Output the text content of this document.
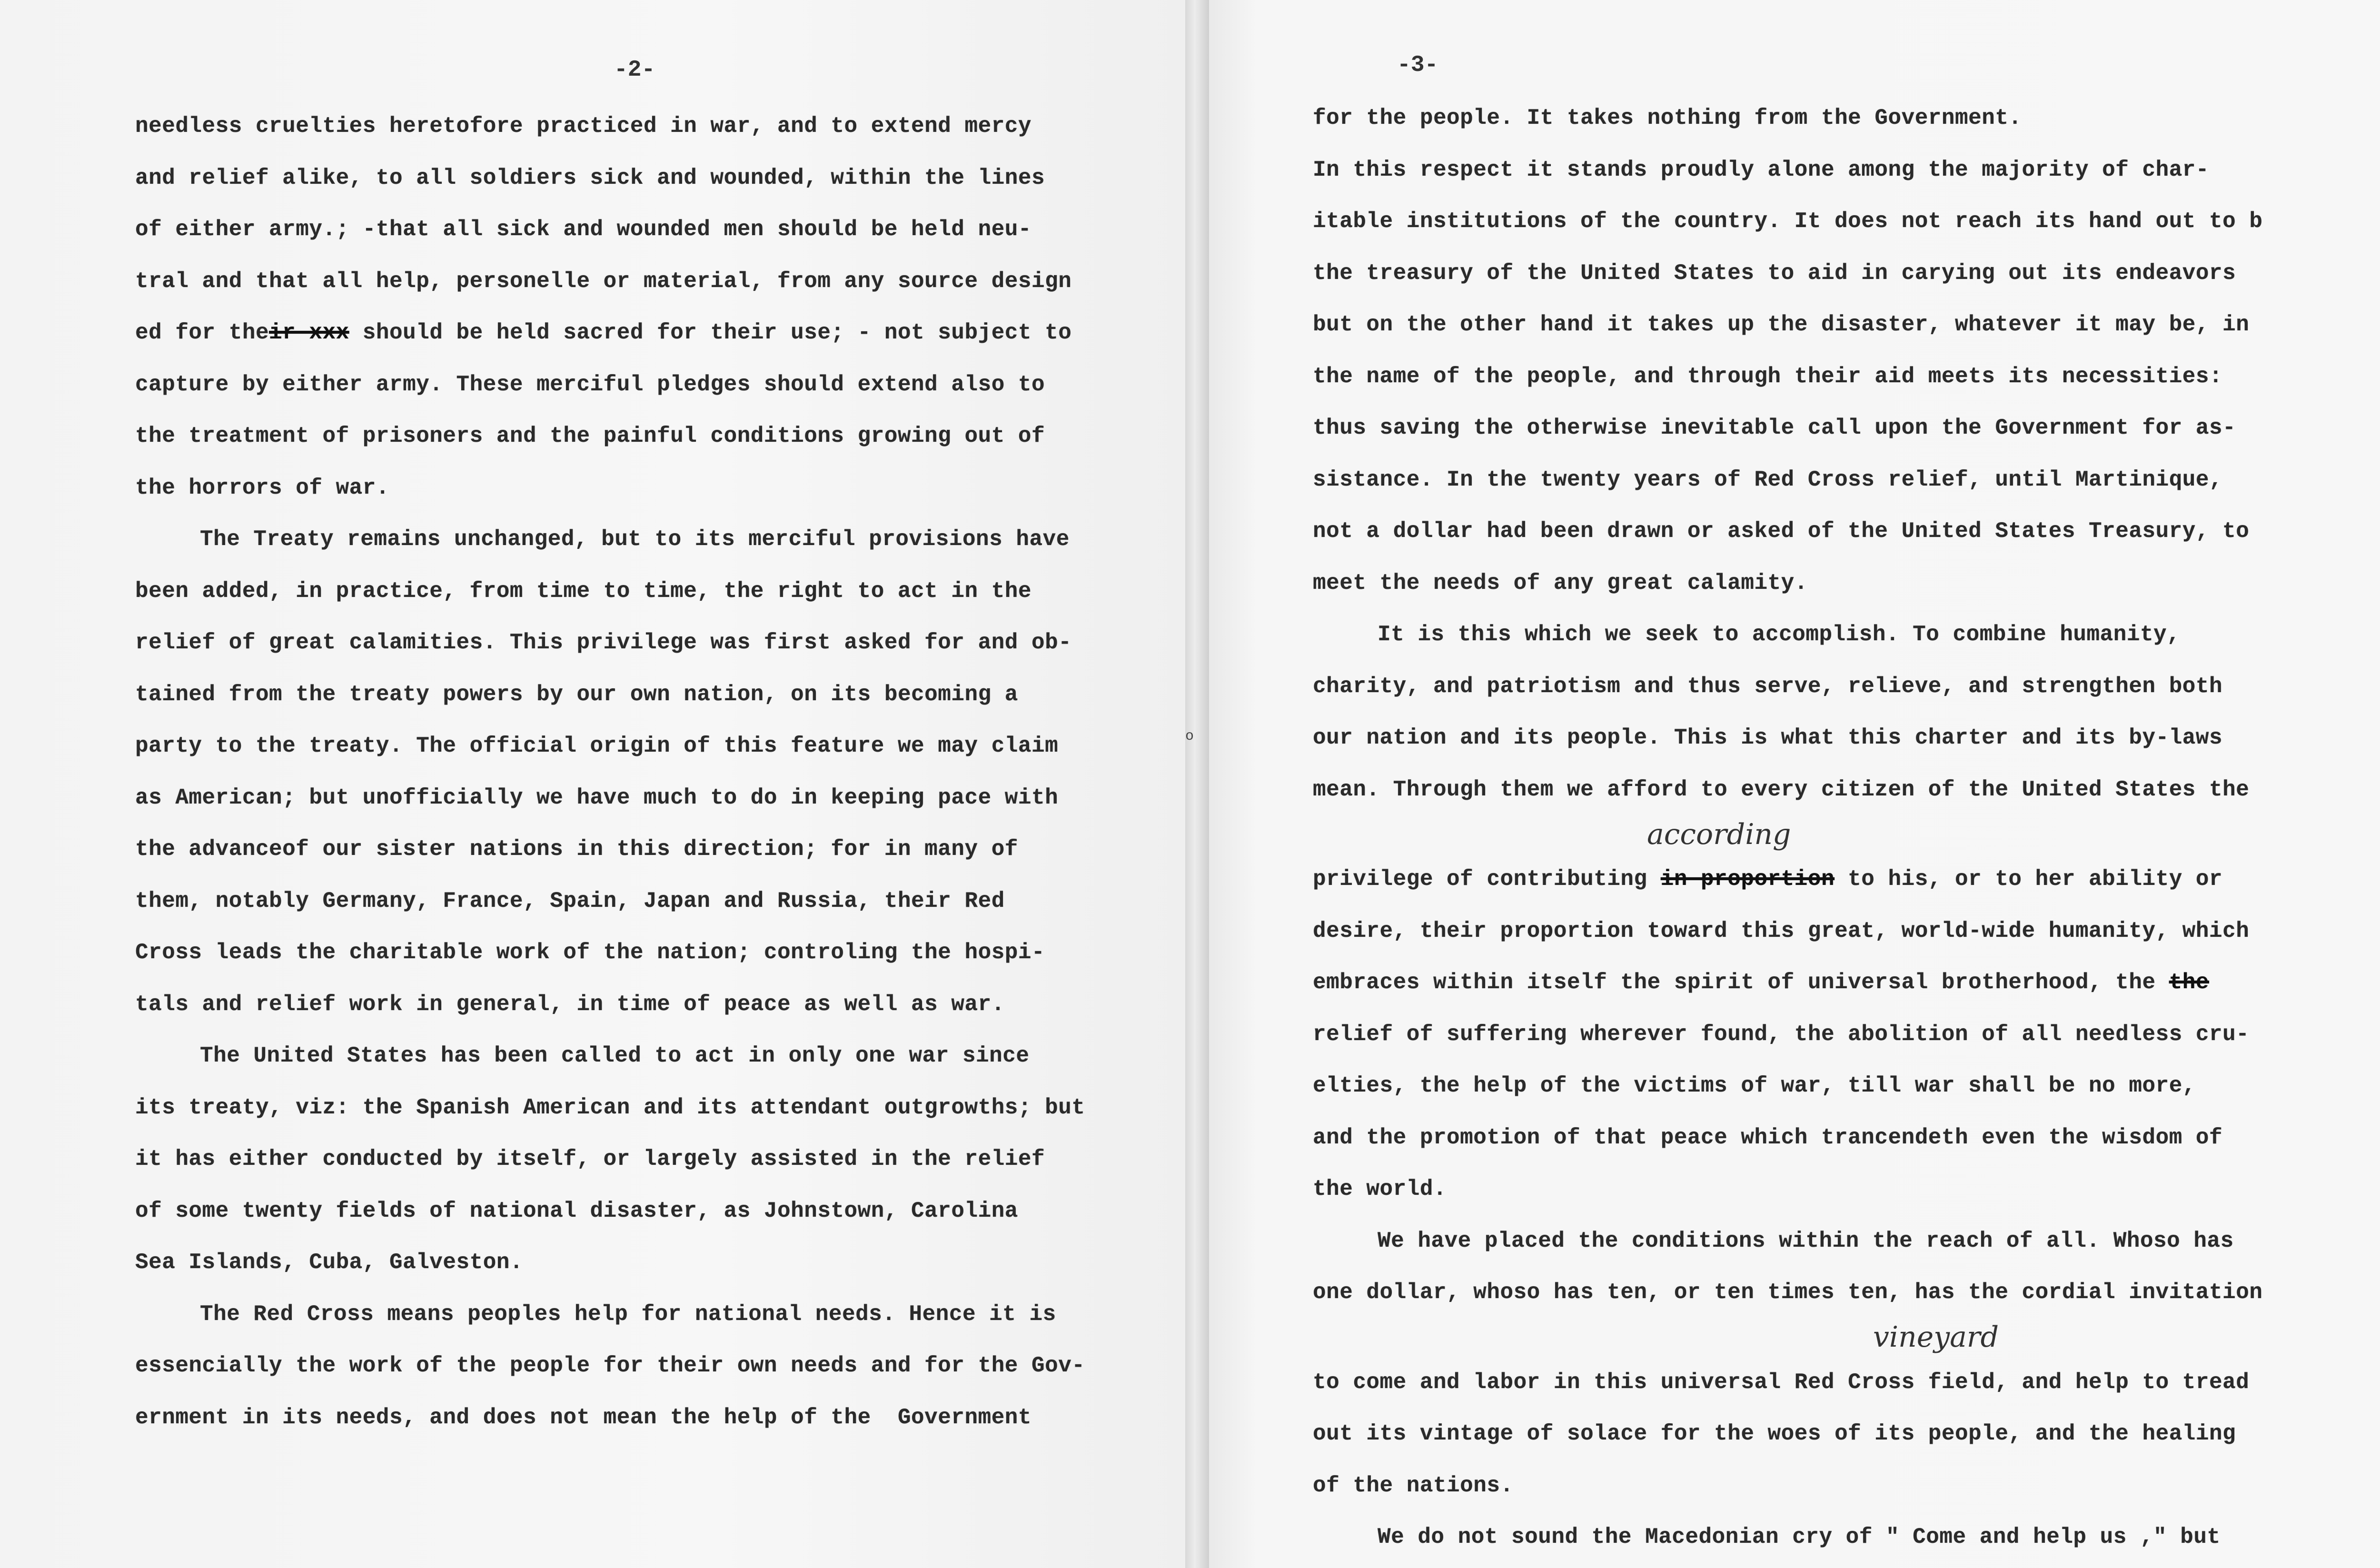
-2-
needless cruelties heretofore practiced in war, and to extend mercy
and relief alike, to all soldiers sick and wounded, within the lines
of either army.; -that all sick and wounded men should be held neu-
tral and that all help, personelle or material, from any source design
ed for their xxx should be held sacred for their use; - not subject to
capture by either army. These merciful pledges should extend also to
the treatment of prisoners and the painful conditions growing out of
the horrors of war.
The Treaty remains unchanged, but to its merciful provisions have
been added, in practice, from time to time, the right to act in the
relief of great calamities. This privilege was first asked for and ob-
tained from the treaty powers by our own nation, on its becoming a
party to the treaty. The official origin of this feature we may claim
as American; but unofficially we have much to do in keeping pace with
the advanceof our sister nations in this direction; for in many of
them, notably Germany, France, Spain, Japan and Russia, their Red
Cross leads the charitable work of the nation; controling the hospi-
tals and relief work in general, in time of peace as well as war.
The United States has been called to act in only one war since
its treaty, viz: the Spanish American and its attendant outgrowths; but
it has either conducted by itself, or largely assisted in the relief
of some twenty fields of national disaster, as Johnstown, Carolina
Sea Islands, Cuba, Galveston.
The Red Cross means peoples help for national needs. Hence it is
essencially the work of the people for their own needs and for the Gov-
ernment in its needs, and does not mean the help of the  Government
o
-3-
for the people. It takes nothing from the Government.
In this respect it stands proudly alone among the majority of char-
itable institutions of the country. It does not reach its hand out to b
the treasury of the United States to aid in carying out its endeavors
but on the other hand it takes up the disaster, whatever it may be, in
the name of the people, and through their aid meets its necessities:
thus saving the otherwise inevitable call upon the Government for as-
sistance. In the twenty years of Red Cross relief, until Martinique,
not a dollar had been drawn or asked of the United States Treasury, to
meet the needs of any great calamity.
It is this which we seek to accomplish. To combine humanity,
charity, and patriotism and thus serve, relieve, and strengthen both
our nation and its people. This is what this charter and its by-laws
mean. Through them we afford to every citizen of the United States the
privilege of contributing in proportion to his, or to her ability or
desire, their proportion toward this great, world-wide humanity, which
embraces within itself the spirit of universal brotherhood, the the
relief of suffering wherever found, the abolition of all needless cru-
elties, the help of the victims of war, till war shall be no more,
and the promotion of that peace which trancendeth even the wisdom of
the world.
We have placed the conditions within the reach of all. Whoso has
one dollar, whoso has ten, or ten times ten, has the cordial invitation
to come and labor in this universal Red Cross field, and help to tread
out its vintage of solace for the woes of its people, and the healing
of the nations.
We do not sound the Macedonian cry of " Come and help us ," but
according
vineyard
